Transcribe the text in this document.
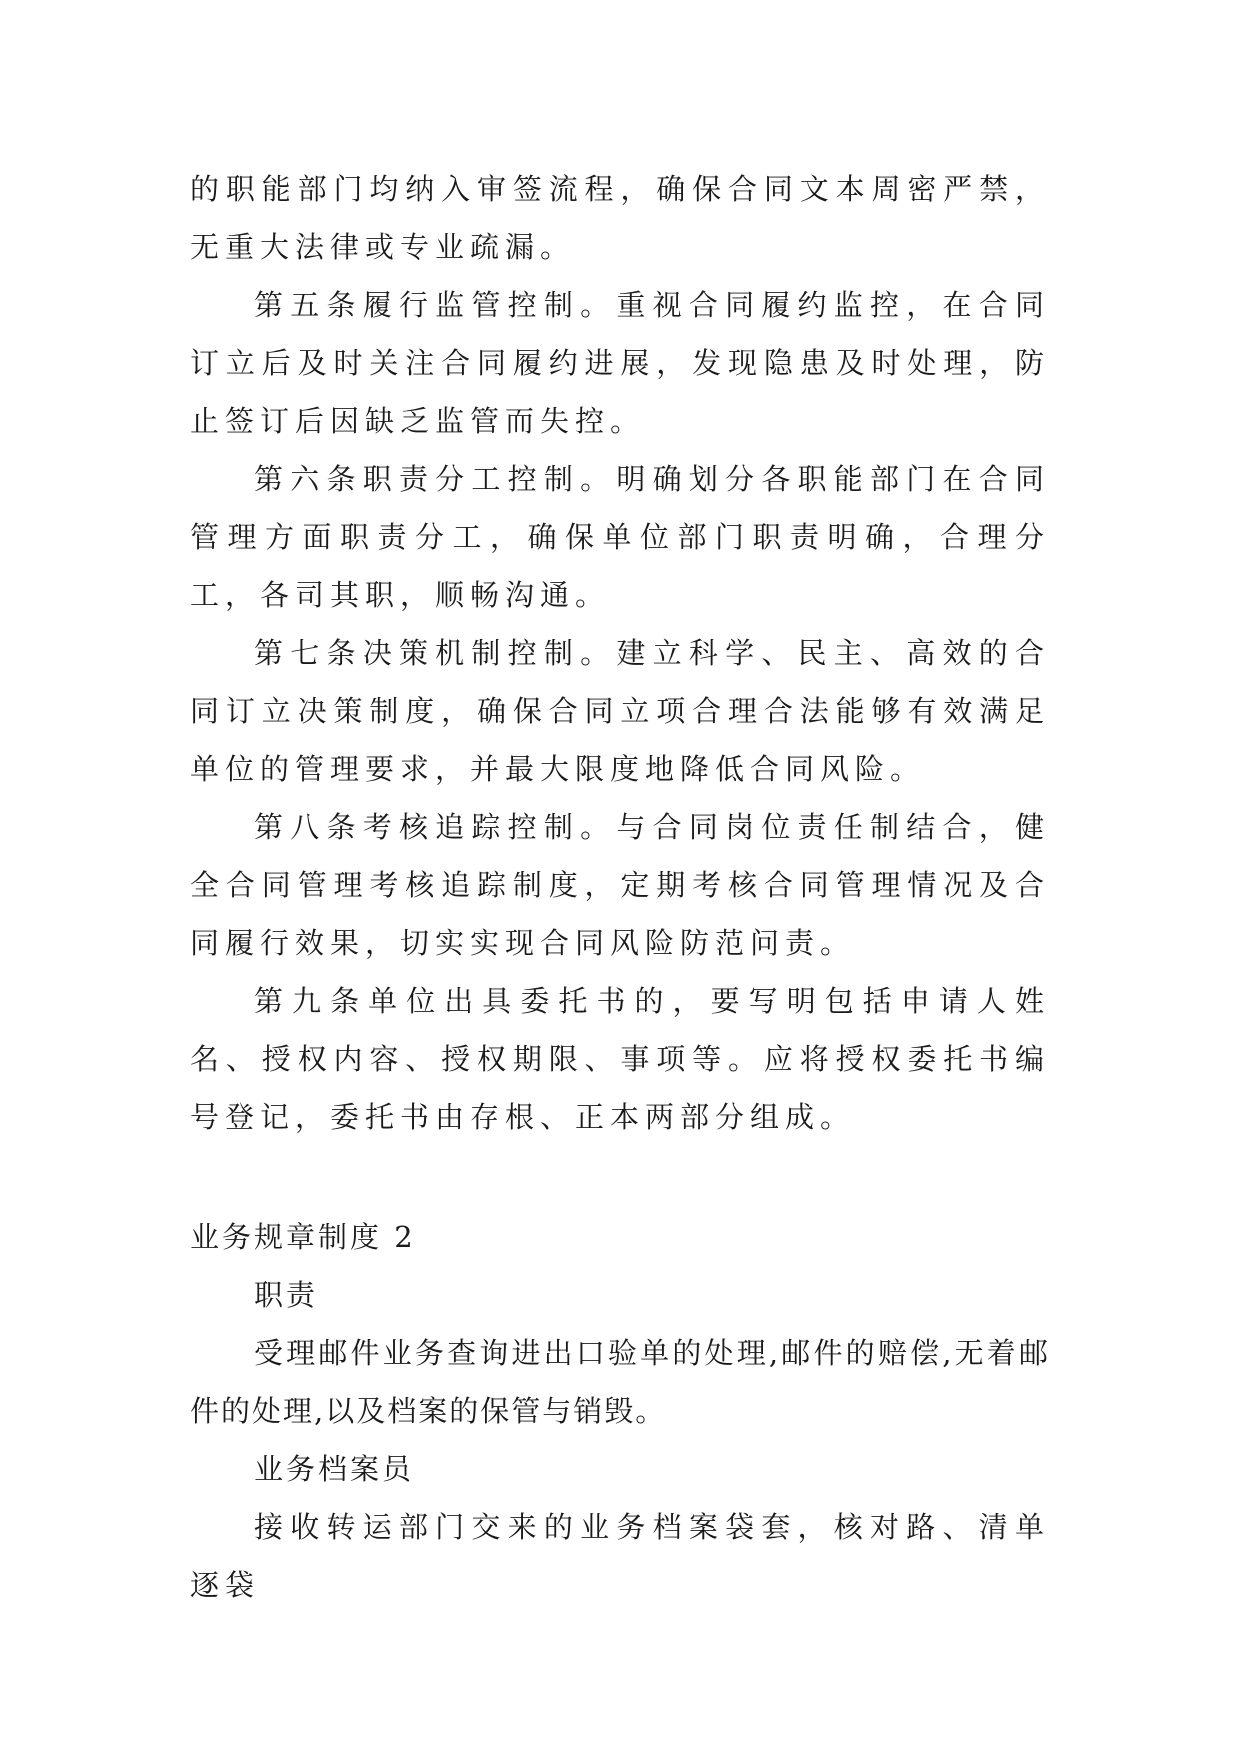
的职能部门均纳入审签流程，确保合同文本周密严禁，无重大法律或专业疏漏。

第五条履行监管控制。重视合同履约监控，在合同订立后及时关注合同履约进展，发现隐患及时处理，防止签订后因缺乏监管而失控。

第六条职责分工控制。明确划分各职能部门在合同管理方面职责分工，确保单位部门职责明确，合理分工，各司其职，顺畅沟通。

第七条决策机制控制。建立科学、民主、高效的合同订立决策制度，确保合同立项合理合法能够有效满足单位的管理要求，并最大限度地降低合同风险。

第八条考核追踪控制。与合同岗位责任制结合，健全合同管理考核追踪制度，定期考核合同管理情况及合同履行效果，切实实现合同风险防范问责。

第九条单位出具委托书的，要写明包括申请人姓名、授权内容、授权期限、事项等。应将授权委托书编号登记，委托书由存根、正本两部分组成。

业务规章制度 2

职责

受理邮件业务查询进出口验单的处理,邮件的赔偿,无着邮件的处理,以及档案的保管与销毁。

业务档案员

接收转运部门交来的业务档案袋套，核对路、清单逐袋
